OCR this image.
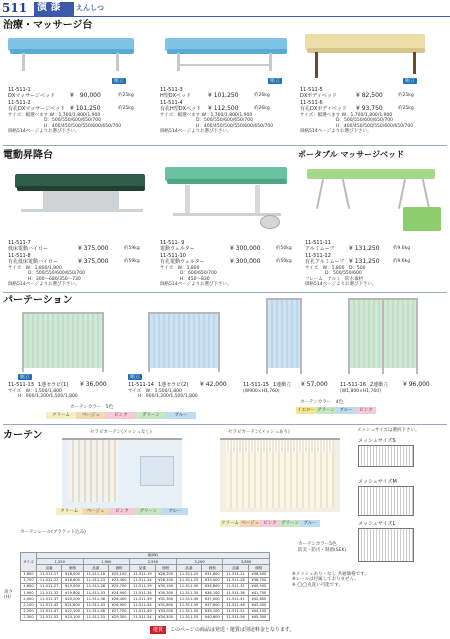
511 演 漆	えんしつ
治療・マッサージ台
組立
11-511-1
DXマッサージベッド	¥　90,000	約25kg
11-511-2
有孔DXマッサージベッド ¥ 101,250	約25kg
サイズ：幅選べます W：1,700/1,800/1,900
D：500/550/600/650/700
H：400/450/500/550/600/650/700
価格514ページよりお選び下さい。
組立
11-511-3
H型DXベッド	¥ 101,250	約26kg
11-511-4
有孔H型DXベッド ¥ 112,500	約26kg
サイズ：幅選べます W：1,700/1,800/1,900
D：500/550/600/650/700
H：400/450/500/550/600/650/700
価格514ページよりお選び下さい。
組立
11-511-5
DXボディベッド	¥ 82,500	約25kg
11-511-6
有孔DXボディベッド ¥ 93,750	約25kg
サイズ：幅選べます W：1,700/1,800/1,900
D：500/550/600/650/700
H：400/450/500/550/600/650/700
価格514ページよりお選び下さい。
電動昇降台	ポータブル マッサージベッド
11-511-7
低床電動ハイロー	¥ 375,000	約59kg
11-511-8
有孔低床電動ハイロー	¥ 375,000	約59kg
サイズ　W：1,800/1,900
D：500/550/600/650/700
H：300～680/350～730
価格514ページよりお選び下さい。
11-511- 9
電動ウェルター	¥ 300,000	約50kg
11-511-10
有孔電動ウェルター	¥ 300,000	約50kg
サイズ　W：1,800
D：600/650/700
H：450～830
価格514ページよりお選び下さい。
11-511-11
アルミムーブ ¥ 131,250	約9.6kg
11-511-12
有孔アルミムーブ ¥ 131,250	約9.6kg
サイズ　W：1,800　D：500
D：500/550/600
フレーム：アルミ　防水素材
価格514ページよりお選び下さい。
パーテーション
組立	組立
11-511-13 1連セラピ(1) ¥ 36,000
サイズ　W：1,500/1,800
H：900/1,200/1,500/1,800
11-511-14 1連セラピ(2) ¥ 42,000
サイズ　W：1,500/1,800
H：900/1,200/1,500/1,800
11-511-15 1連衝立 ¥ 57,000
(W900×H1,760)
11-511-16 2連衝立 ¥ 96,000
(W1,800×H1,760)
カーテンカラー　5色
クリーム	ベージュ	ピンク	グリーン	ブルー
カーテンカラー　4色
イエロー グリーン ブルー	ピンク
カーテン	セラピカーテン(メッシュなし)
カーテンレール(ブラケット込み)
クリーム	ベージュ	ピンク	グリーン	ブルー
セラピカーテン(メッシュあり)
クリーム ベージュ ピンク グリーン ブルー
カーテンカラー5色
防炎・防汚・制菌(SEK)
メッシュサイズは選択下さい。
メッシュサイズS
メッシュサイズM
メッシュサイズL
サイズ	幅(W)									
	1,250		1,900		2,550		3,200		3,850	
	品番	価格	品番	価格	品番	価格	品番	価格	品番	価格
1,600	11-511-17	¥18,000	11-511-18	¥25,100	11-511-19	¥26,200	11-511-20	¥31,800	11-511-21	¥36,400
1,700	11-511-22	¥18,600	11-511-23	¥23,400	11-511-24	¥28,100	11-511-25	¥33,000	11-511-26	¥36,700
1,800	11-511-27	¥19,000	11-511-28	¥25,700	11-511-29	¥30,100	11-511-30	¥34,800	11-511-31	¥40,500
1,900	11-511-32	¥19,800	11-511-33	¥24,900	11-511-34	¥30,300	11-511-35	¥36,100	11-511-36	¥41,700
2,000	11-511-37	¥20,200	11-511-38	¥26,400	11-511-39	¥31,300	11-511-40	¥37,000	11-511-41	¥42,800
2,100	11-511-42	¥21,800	11-511-43	¥26,900	11-511-44	¥31,800	11-511-45	¥37,600	11-511-46	¥43,400
2,200	11-511-47	¥22,100	11-511-48	¥27,700	11-511-49	¥33,000	11-511-50	¥39,100	11-511-51	¥44,100
2,300	11-511-52	¥23,100	11-511-53	¥29,300	11-511-54	¥34,400	11-511-55	¥40,600	11-511-56	¥45,300
高さ(H)
※メッシュあり・なし 共通価格です。
※レールは付属しておりません。
※ ◯◯丸洗い可能です。
運賃	このページの商品は発送・運賃は別途料金となります。
